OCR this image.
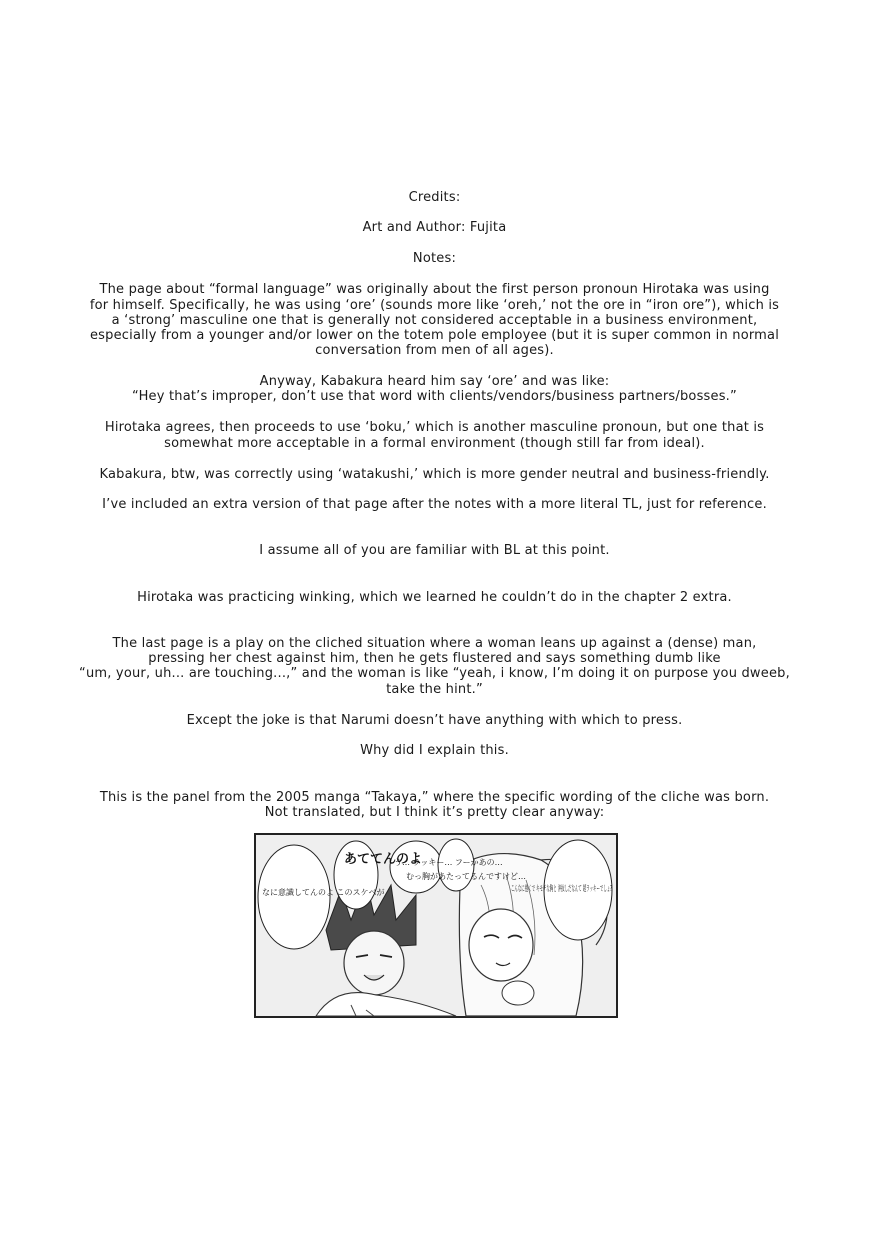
Credits:
Art and Author: Fujita
Notes:
The page about “formal language” was originally about the first person pronoun Hirotaka was using
for himself. Specifically, he was using ‘ore’ (sounds more like ‘oreh,’ not the ore in “iron ore”), which is
a ‘strong’ masculine one that is generally not considered acceptable in a business environment,
especially from a younger and/or lower on the totem pole employee (but it is super common in normal
conversation from men of all ages).
Anyway, Kabakura heard him say ‘ore’ and was like:
“Hey that’s improper, don’t use that word with clients/vendors/business partners/bosses.”
Hirotaka agrees, then proceeds to use ‘boku,’ which is another masculine pronoun, but one that is
somewhat more acceptable in a formal environment (though still far from ideal).
Kabakura, btw, was correctly using ‘watakushi,’ which is more gender neutral and business-friendly.
I’ve included an extra version of that page after the notes with a more literal TL, just for reference.
I assume all of you are familiar with BL at this point.
Hirotaka was practicing winking, which we learned he couldn’t do in the chapter 2 extra.
The last page is a play on the cliched situation where a woman leans up against a (dense) man,
pressing her chest against him, then he gets flustered and says something dumb like
“um, your, uh... are touching...,” and the woman is like “yeah, i know, I’m doing it on purpose you dweeb,
take the hint.”
Except the joke is that Narumi doesn’t have anything with which to press.
Why did I explain this.
This is the panel from the 2005 manga “Takaya,” where the specific wording of the cliche was born.
Not translated, but I think it’s pretty clear anyway:
あててんのよ
なに意識してんのよ このスケベが
う… ラッキー… フーかあの…
むっ胸があたってるんですけど…
こんなに抱くで キモチな胸と 沖抜しだなんて 超ラッキーでしょ?
